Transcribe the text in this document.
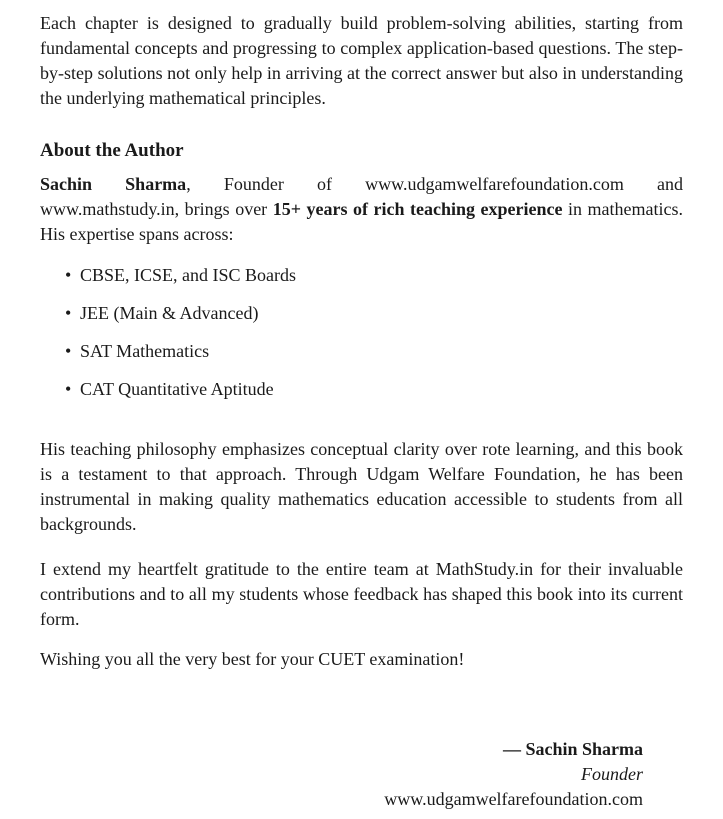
Each chapter is designed to gradually build problem-solving abilities, starting from fundamental concepts and progressing to complex application-based questions. The step-by-step solutions not only help in arriving at the correct answer but also in understanding the underlying mathematical principles.

About the Author

Sachin Sharma, Founder of www.udgamwelfarefoundation.com and www.mathstudy.in, brings over 15+ years of rich teaching experience in mathematics. His expertise spans across:

• CBSE, ICSE, and ISC Boards
• JEE (Main & Advanced)
• SAT Mathematics
• CAT Quantitative Aptitude

His teaching philosophy emphasizes conceptual clarity over rote learning, and this book is a testament to that approach. Through Udgam Welfare Foundation, he has been instrumental in making quality mathematics education accessible to students from all backgrounds.

I extend my heartfelt gratitude to the entire team at MathStudy.in for their invaluable contributions and to all my students whose feedback has shaped this book into its current form.

Wishing you all the very best for your CUET examination!

— Sachin Sharma
Founder
www.udgamwelfarefoundation.com
